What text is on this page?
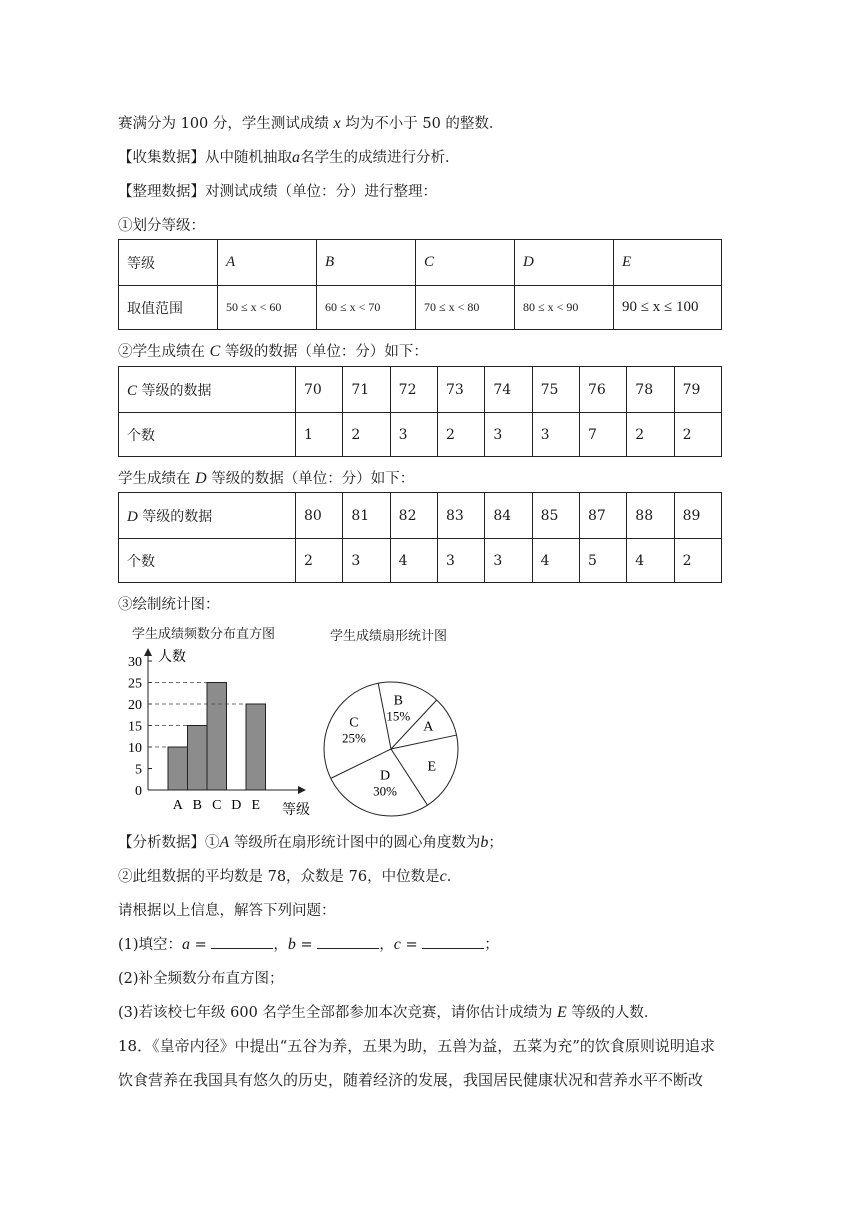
赛满分为 100 分，学生测试成绩 x 均为不小于 50 的整数．
【收集数据】从中随机抽取a名学生的成绩进行分析．
【整理数据】对测试成绩（单位：分）进行整理：
①划分等级：
等级	A	B	C	D	E
取值范围	50 ≤ x < 60	60 ≤ x < 70	70 ≤ x < 80	80 ≤ x < 90	90 ≤ x ≤ 100
②学生成绩在 C 等级的数据（单位：分）如下：
C 等级的数据	70	71	72	73	74	75	76	78	79
个数	1	2	3	2	3	3	7	2	2
学生成绩在 D 等级的数据（单位：分）如下：
D 等级的数据	80	81	82	83	84	85	87	88	89
个数	2	3	4	3	3	4	5	4	2
③绘制统计图：
学生成绩频数分布直方图	学生成绩扇形统计图
0
5
10
15
20
25
30
A B C D E
人数
等级
B
15%
A
E
D
30%
C
25%
【分析数据】①A 等级所在扇形统计图中的圆心角度数为b；
②此组数据的平均数是 78，众数是 76，中位数是c．
请根据以上信息，解答下列问题：
(1)填空：a =	，b =	，c =	；
(2)补全频数分布直方图；
(3)若该校七年级 600 名学生全部都参加本次竞赛，请你估计成绩为 E 等级的人数．
18．《皇帝内径》中提出“五谷为养，五果为助，五兽为益，五菜为充”的饮食原则说明追求
饮食营养在我国具有悠久的历史，随着经济的发展，我国居民健康状况和营养水平不断改
